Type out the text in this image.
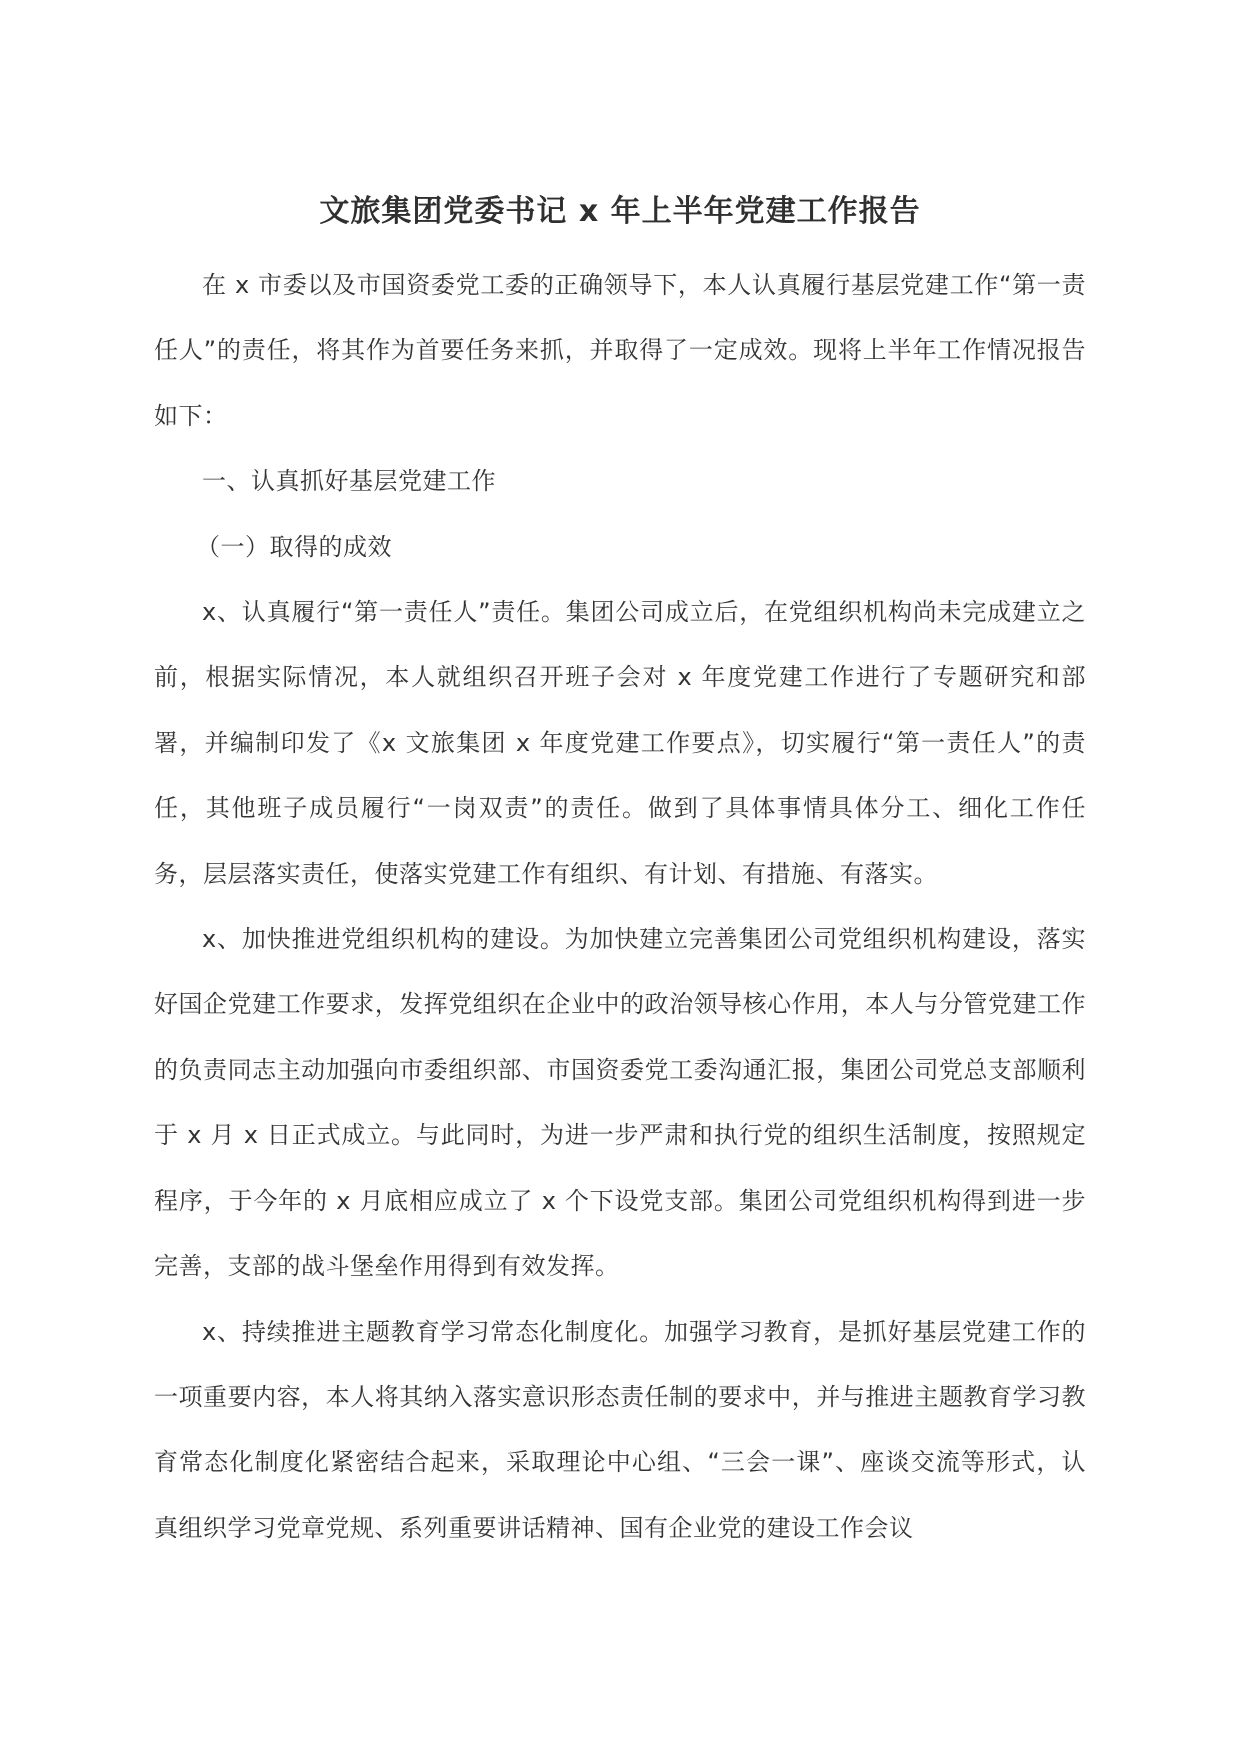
文旅集团党委书记 x 年上半年党建工作报告

在 x 市委以及市国资委党工委的正确领导下，本人认真履行基层党建工作“第一责任人”的责任，将其作为首要任务来抓，并取得了一定成效。现将上半年工作情况报告如下：

一、认真抓好基层党建工作

（一）取得的成效

x、认真履行“第一责任人”责任。集团公司成立后，在党组织机构尚未完成建立之前，根据实际情况，本人就组织召开班子会对 x 年度党建工作进行了专题研究和部署，并编制印发了《x 文旅集团 x 年度党建工作要点》，切实履行“第一责任人”的责任，其他班子成员履行“一岗双责”的责任。做到了具体事情具体分工、细化工作任务，层层落实责任，使落实党建工作有组织、有计划、有措施、有落实。

x、加快推进党组织机构的建设。为加快建立完善集团公司党组织机构建设，落实好国企党建工作要求，发挥党组织在企业中的政治领导核心作用，本人与分管党建工作的负责同志主动加强向市委组织部、市国资委党工委沟通汇报，集团公司党总支部顺利于 x 月 x 日正式成立。与此同时，为进一步严肃和执行党的组织生活制度，按照规定程序，于今年的 x 月底相应成立了 x 个下设党支部。集团公司党组织机构得到进一步完善，支部的战斗堡垒作用得到有效发挥。

x、持续推进主题教育学习常态化制度化。加强学习教育，是抓好基层党建工作的一项重要内容，本人将其纳入落实意识形态责任制的要求中，并与推进主题教育学习教育常态化制度化紧密结合起来，采取理论中心组、“三会一课”、座谈交流等形式，认真组织学习党章党规、系列重要讲话精神、国有企业党的建设工作会议
